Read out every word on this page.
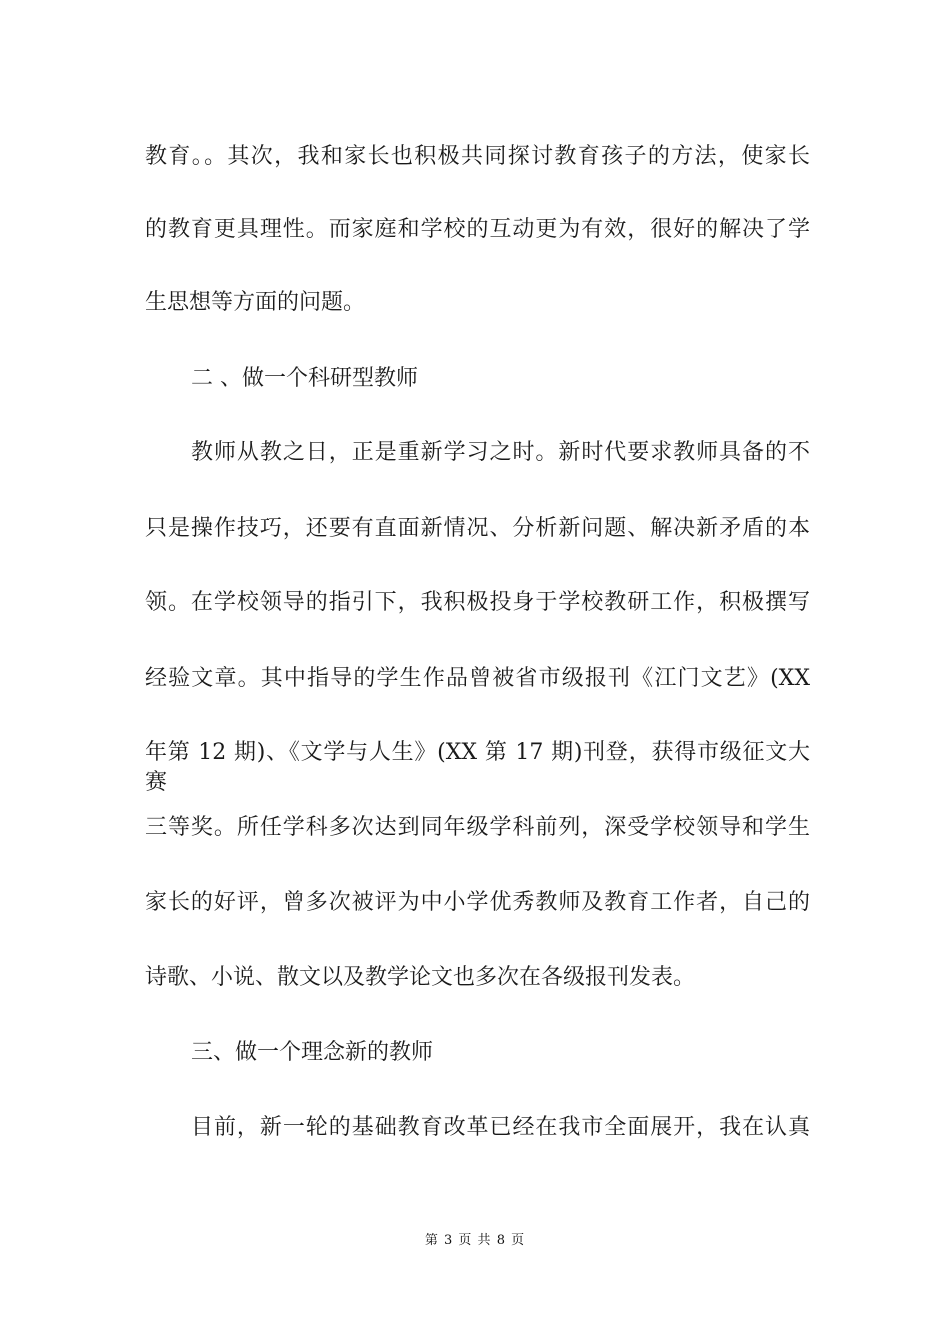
教育。。其次，我和家长也积极共同探讨教育孩子的方法，使家长
的教育更具理性。而家庭和学校的互动更为有效，很好的解决了学
生思想等方面的问题。
二 、做一个科研型教师
教师从教之日，正是重新学习之时。新时代要求教师具备的不
只是操作技巧，还要有直面新情况、分析新问题、解决新矛盾的本
领。在学校领导的指引下，我积极投身于学校教研工作，积极撰写
经验文章。其中指导的学生作品曾被省市级报刊《江门文艺》(XX
年第 12 期)、《文学与人生》(XX 第 17 期)刊登，获得市级征文大赛
三等奖。所任学科多次达到同年级学科前列，深受学校领导和学生
家长的好评，曾多次被评为中小学优秀教师及教育工作者，自己的
诗歌、小说、散文以及教学论文也多次在各级报刊发表。
三、做一个理念新的教师
目前，新一轮的基础教育改革已经在我市全面展开，我在认真
第 3 页 共 8 页
